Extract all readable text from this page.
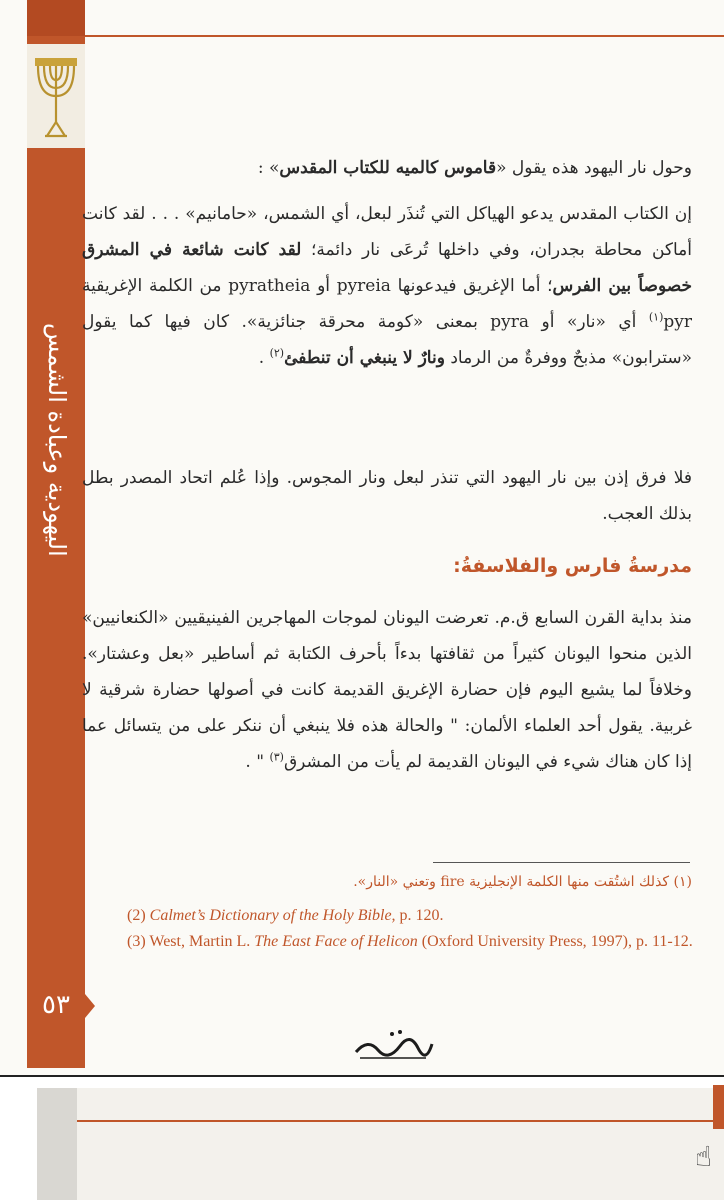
اليهودية وعبادة الشمس
٥٣
وحول نار اليهود هذه يقول «قاموس كالميه للكتاب المقدس» :
إن الكتاب المقدس يدعو الهياكل التي تُنذَر لبعل، أي الشمس، «حامانيم» . . . لقد كانت أماكن محاطة بجدران، وفي داخلها تُرعَى نار دائمة؛ لقد كانت شائعة في المشرق خصوصاً بين الفرس؛ أما الإغريق فيدعونها pyreia أو pyratheia من الكلمة الإغريقية pyr$^{(١)}$ أي «نار» أو pyra بمعنى «كومة محرقة جنائزية». كان فيها كما يقول «سترابون» مذبحٌ ووفرةٌ من الرماد ونارٌ لا ينبغي أن تنطفئ$^{(٢)}$ .
فلا فرق إذن بين نار اليهود التي تنذر لبعل ونار المجوس. وإذا عُلم اتحاد المصدر بطل بذلك العجب.
مدرسةُ فارس والفلاسفةُ:
منذ بداية القرن السابع ق.م. تعرضت اليونان لموجات المهاجرين الفينيقيين «الكنعانيين» الذين منحوا اليونان كثيراً من ثقافتها بدءاً بأحرف الكتابة ثم أساطير «بعل وعشتار». وخلافاً لما يشيع اليوم فإن حضارة الإغريق القديمة كانت في أصولها حضارة شرقية لا غربية. يقول أحد العلماء الألمان: " والحالة هذه فلا ينبغي أن ننكر على من يتسائل عما إذا كان هناك شيء في اليونان القديمة لم يأت من المشرق$^{(٣)}$ " .
(١) كذلك اشتُقت منها الكلمة الإنجليزية fire وتعني «النار».
(2) Calmet’s Dictionary of the Holy Bible, p. 120.
(3) West, Martin L. The East Face of Helicon (Oxford University Press, 1997), p. 11-12.
☝
